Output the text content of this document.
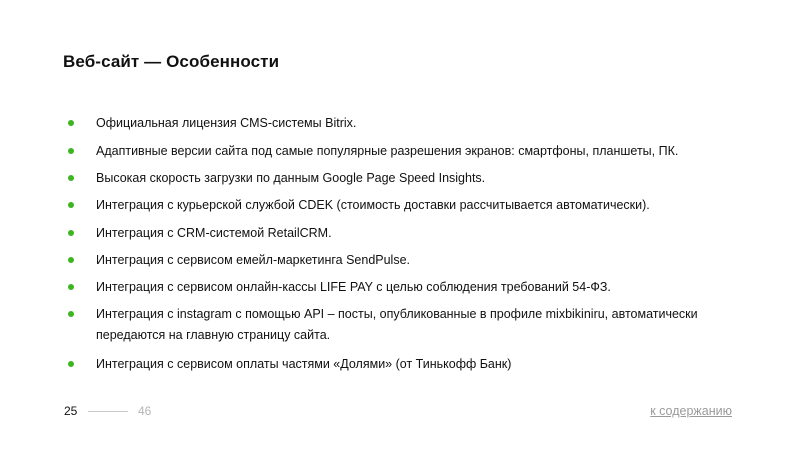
Веб-сайт — Особенности
Официальная лицензия CMS-системы Bitrix.
Адаптивные версии сайта под самые популярные разрешения экранов: смартфоны, планшеты, ПК.
Высокая скорость загрузки по данным Google Page Speed Insights.
Интеграция с курьерской службой CDEK (стоимость доставки рассчитывается автоматически).
Интеграция с CRM-системой RetailCRM.
Интеграция с сервисом емейл-маркетинга SendPulse.
Интеграция с сервисом онлайн-кассы LIFE PAY с целью соблюдения требований 54-ФЗ.
Интеграция с instagram с помощью API – посты, опубликованные в профиле mixbikiniru, автоматически
передаются на главную страницу сайта.
Интеграция с сервисом оплаты частями «Долями» (от Тинькофф Банк)
25	46	к содержанию
